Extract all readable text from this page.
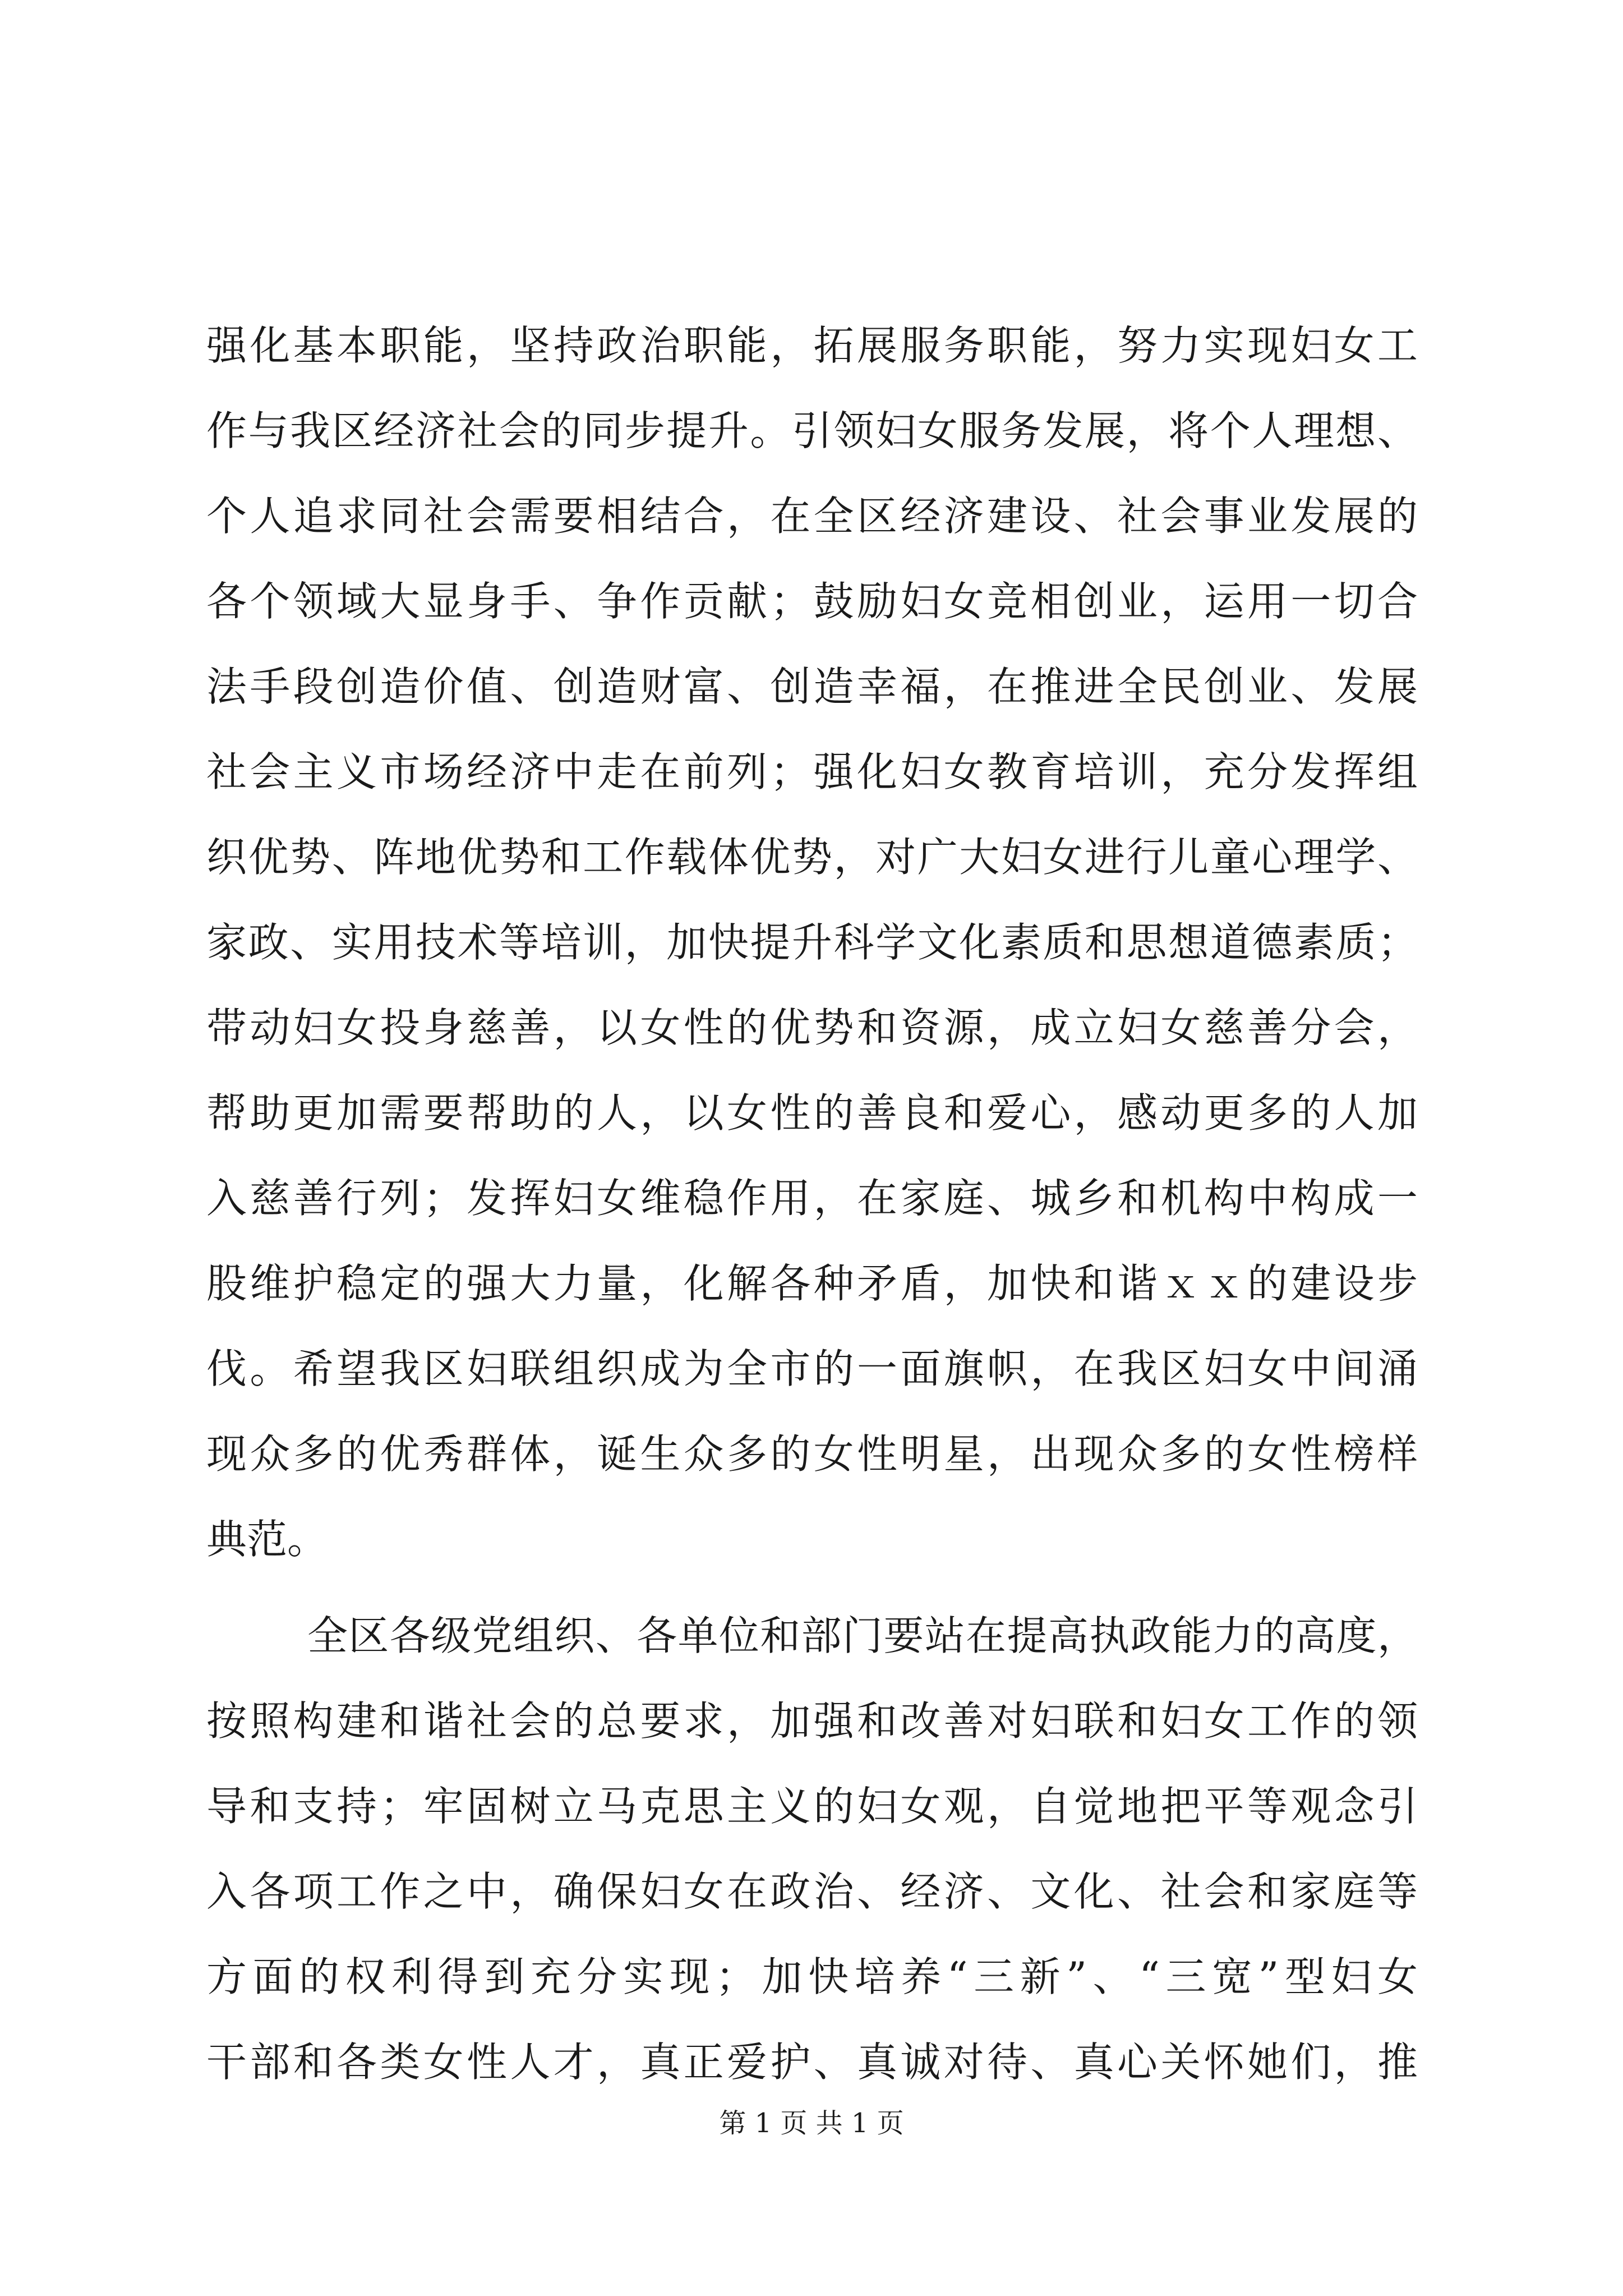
强化基本职能，坚持政治职能，拓展服务职能，努力实现妇女工
作与我区经济社会的同步提升。引领妇女服务发展，将个人理想、
个人追求同社会需要相结合，在全区经济建设、社会事业发展的
各个领域大显身手、争作贡献；鼓励妇女竞相创业，运用一切合
法手段创造价值、创造财富、创造幸福，在推进全民创业、发展
社会主义市场经济中走在前列；强化妇女教育培训，充分发挥组
织优势、阵地优势和工作载体优势，对广大妇女进行儿童心理学、
家政、实用技术等培训，加快提升科学文化素质和思想道德素质；
带动妇女投身慈善，以女性的优势和资源，成立妇女慈善分会，
帮助更加需要帮助的人，以女性的善良和爱心，感动更多的人加
入慈善行列；发挥妇女维稳作用，在家庭、城乡和机构中构成一
股维护稳定的强大力量，化解各种矛盾，加快和谐ｘｘ的建设步
伐。希望我区妇联组织成为全市的一面旗帜，在我区妇女中间涌
现众多的优秀群体，诞生众多的女性明星，出现众多的女性榜样
典范。
全区各级党组织、各单位和部门要站在提高执政能力的高度，
按照构建和谐社会的总要求，加强和改善对妇联和妇女工作的领
导和支持；牢固树立马克思主义的妇女观，自觉地把平等观念引
入各项工作之中，确保妇女在政治、经济、文化、社会和家庭等
方面的权利得到充分实现；加快培养“三新”、“三宽”型妇女
干部和各类女性人才，真正爱护、真诚对待、真心关怀她们，推
第 1 页 共 1 页
